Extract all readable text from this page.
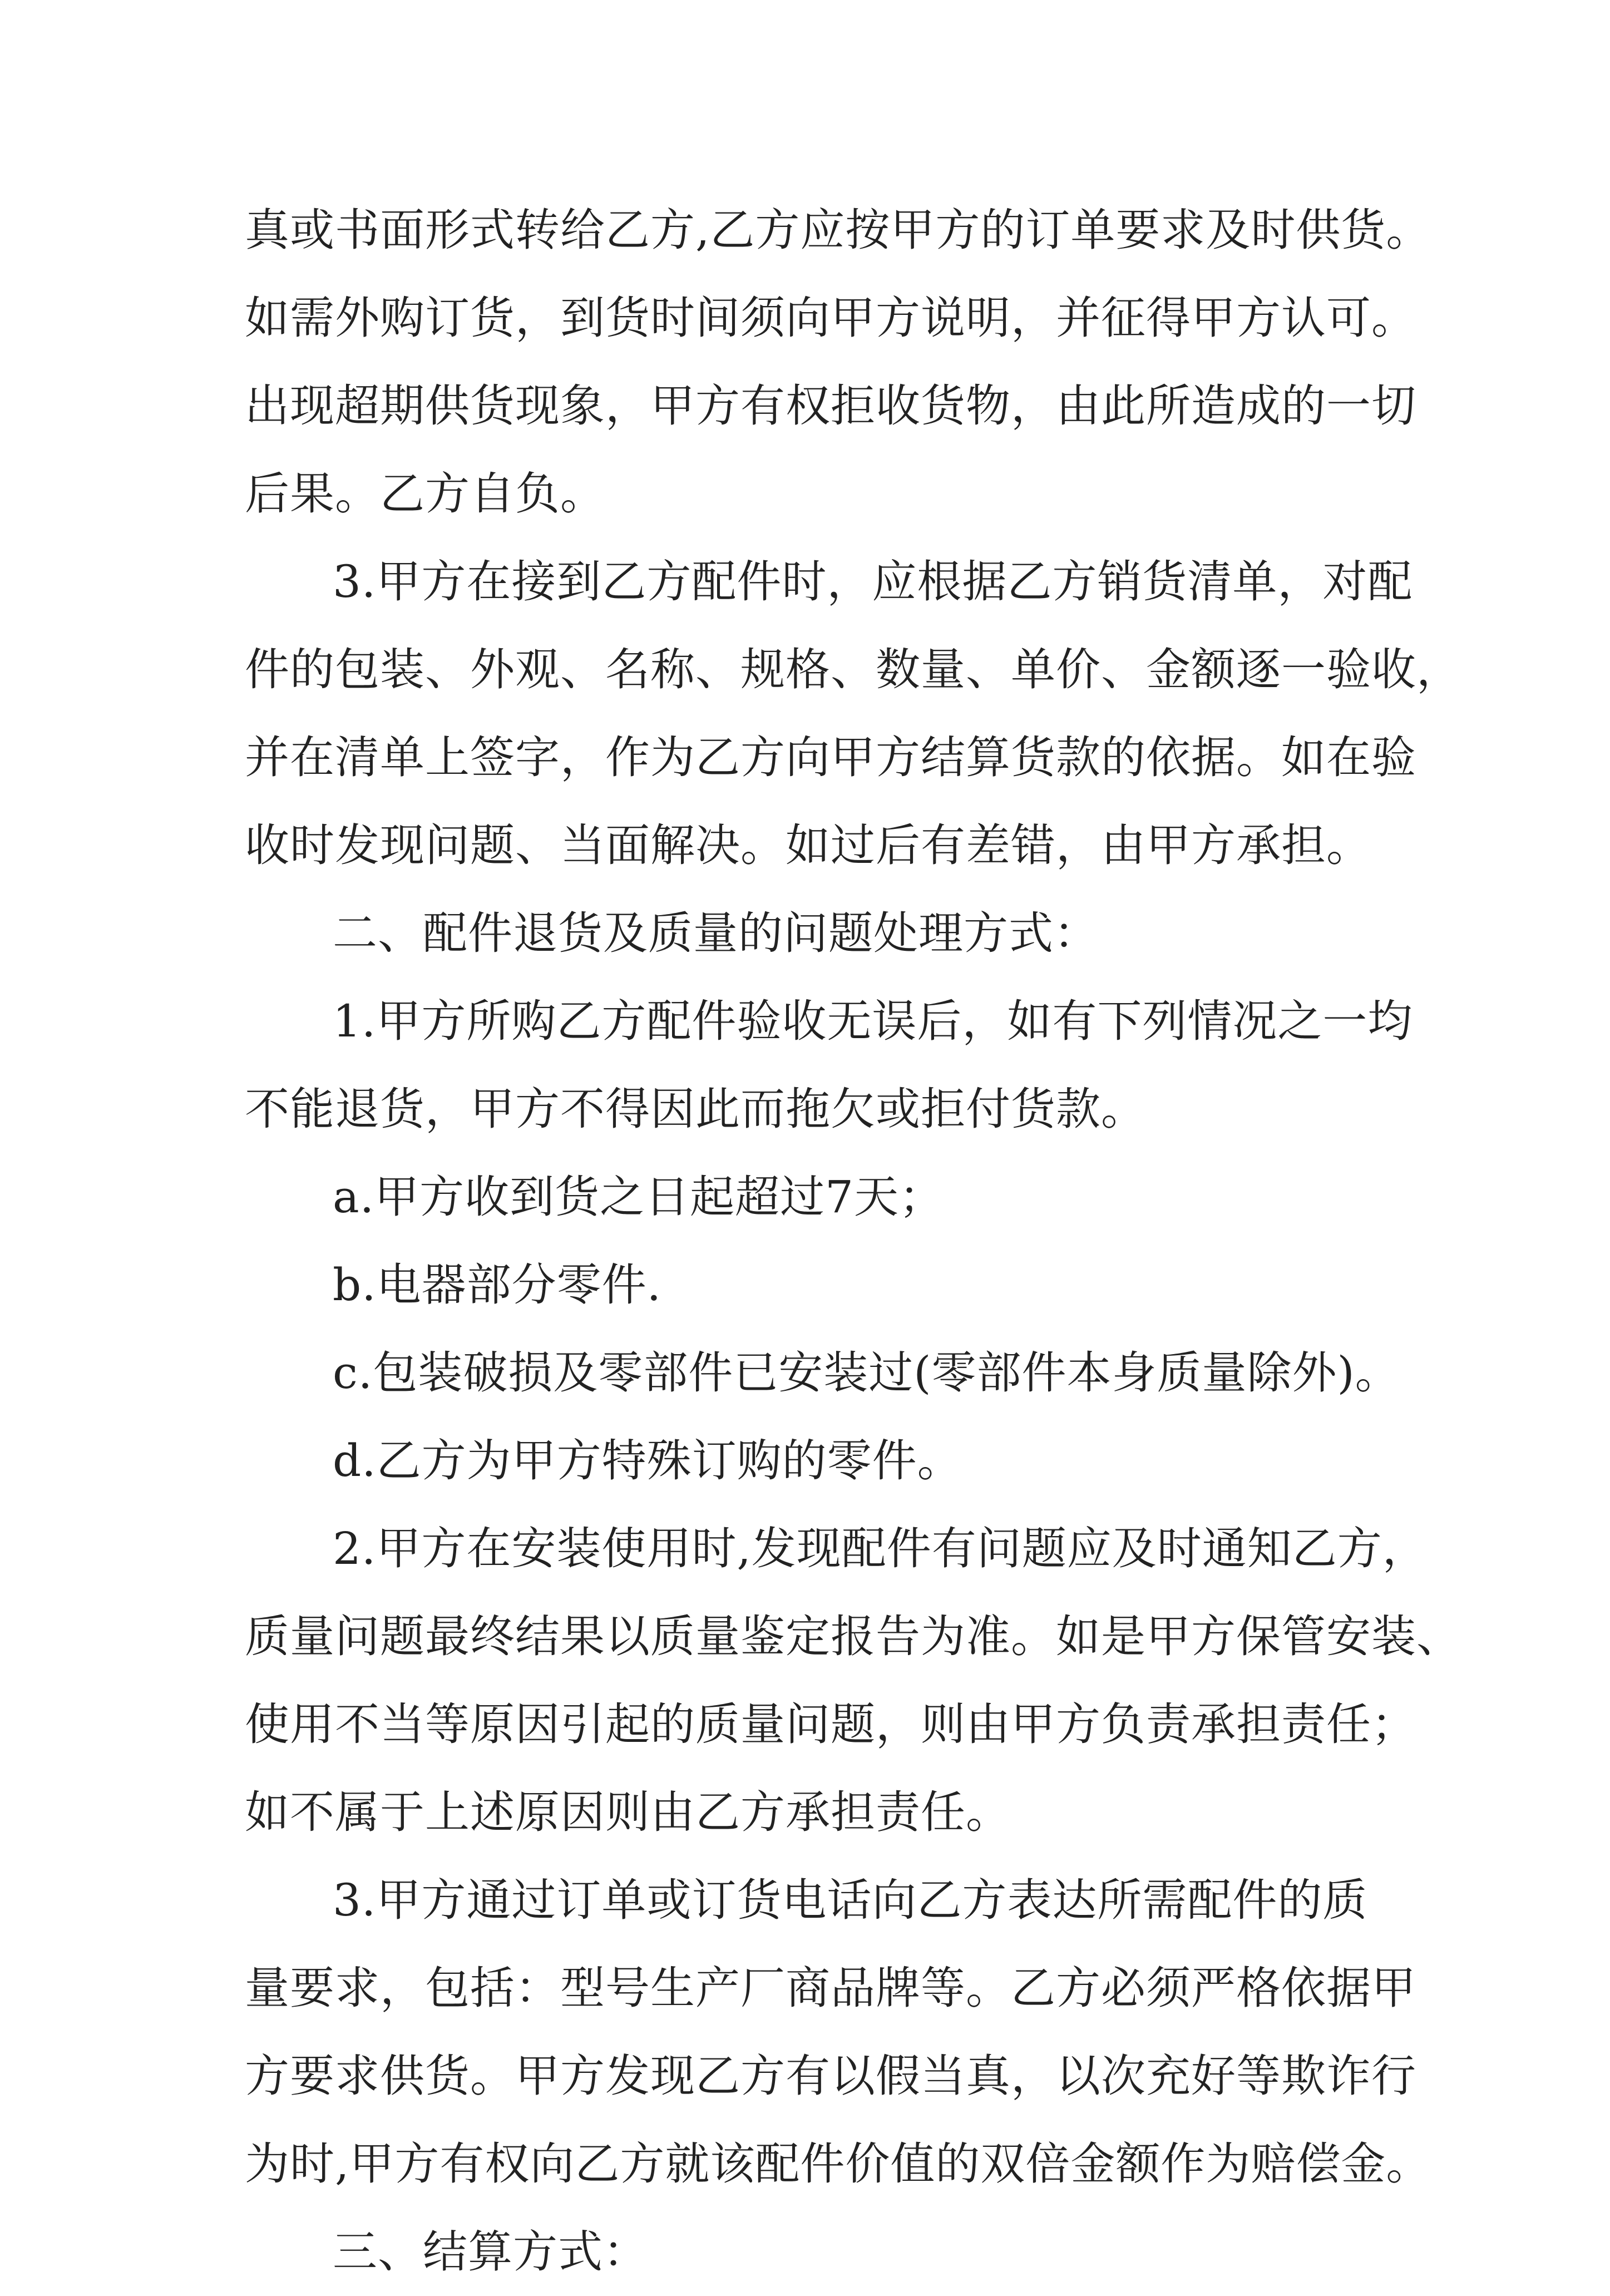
真或书面形式转给乙方,乙方应按甲方的订单要求及时供货。
如需外购订货，到货时间须向甲方说明，并征得甲方认可。
出现超期供货现象，甲方有权拒收货物，由此所造成的一切
后果。乙方自负。
3.甲方在接到乙方配件时，应根据乙方销货清单，对配
件的包装、外观、名称、规格、数量、单价、金额逐一验收，
并在清单上签字，作为乙方向甲方结算货款的依据。如在验
收时发现问题、当面解决。如过后有差错，由甲方承担。
二、配件退货及质量的问题处理方式：
1.甲方所购乙方配件验收无误后，如有下列情况之一均
不能退货，甲方不得因此而拖欠或拒付货款。
a.甲方收到货之日起超过7天；
b.电器部分零件.
c.包装破损及零部件已安装过(零部件本身质量除外)。
d.乙方为甲方特殊订购的零件。
2.甲方在安装使用时,发现配件有问题应及时通知乙方，
质量问题最终结果以质量鉴定报告为准。如是甲方保管安装、
使用不当等原因引起的质量问题，则由甲方负责承担责任；
如不属于上述原因则由乙方承担责任。
3.甲方通过订单或订货电话向乙方表达所需配件的质
量要求，包括：型号生产厂商品牌等。乙方必须严格依据甲
方要求供货。甲方发现乙方有以假当真，以次充好等欺诈行
为时,甲方有权向乙方就该配件价值的双倍金额作为赔偿金。
三、结算方式：
